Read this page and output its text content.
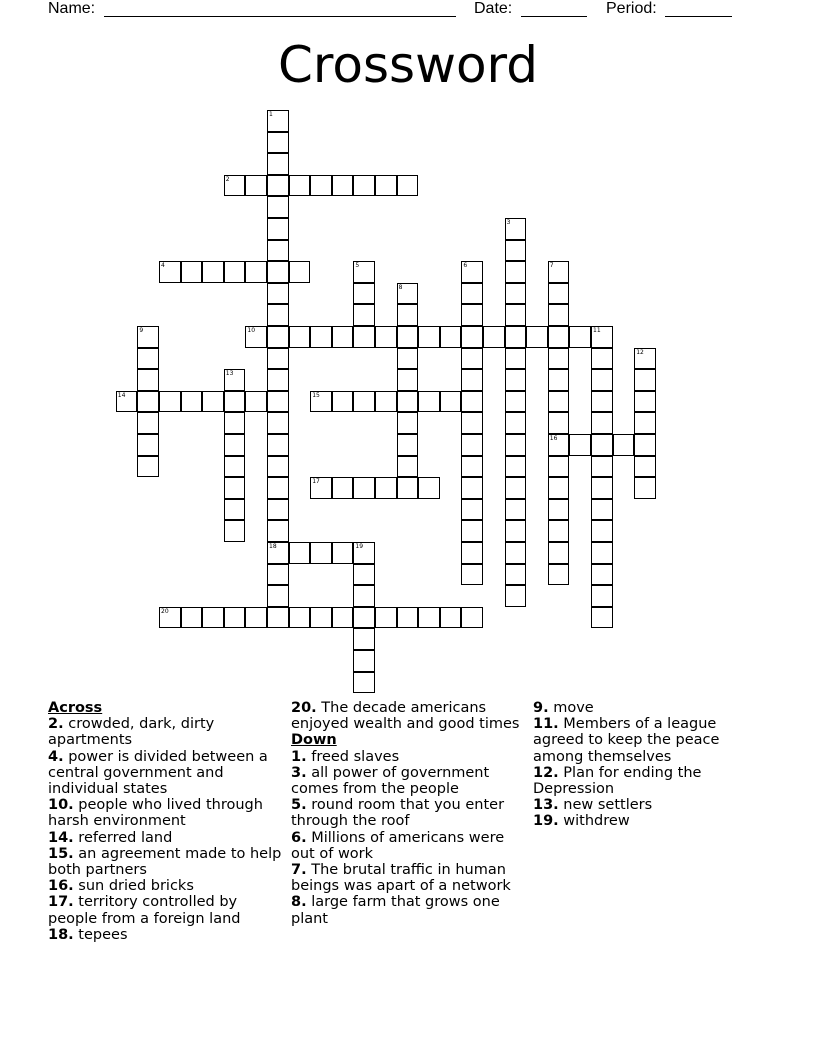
Name:	Date:	Period:
Crossword
1
18
2
3
4	5	6	7
16
8
9	10	11
12
13
14	15
17
19
20
Across
2. crowded, dark, dirty apartments
4. power is divided between a central government and individual states
10. people who lived through harsh environment
14. referred land
15. an agreement made to help both partners
16. sun dried bricks
17. territory controlled by people from a foreign land
18. tepees
20. The decade americans enjoyed wealth and good times
Down
1. freed slaves
3. all power of government comes from the people
5. round room that you enter through the roof
6. Millions of americans were out of work
7. The brutal traffic in human beings was apart of a network
8. large farm that grows one plant
9. move
11. Members of a league agreed to keep the peace among themselves
12. Plan for ending the Depression
13. new settlers
19. withdrew
